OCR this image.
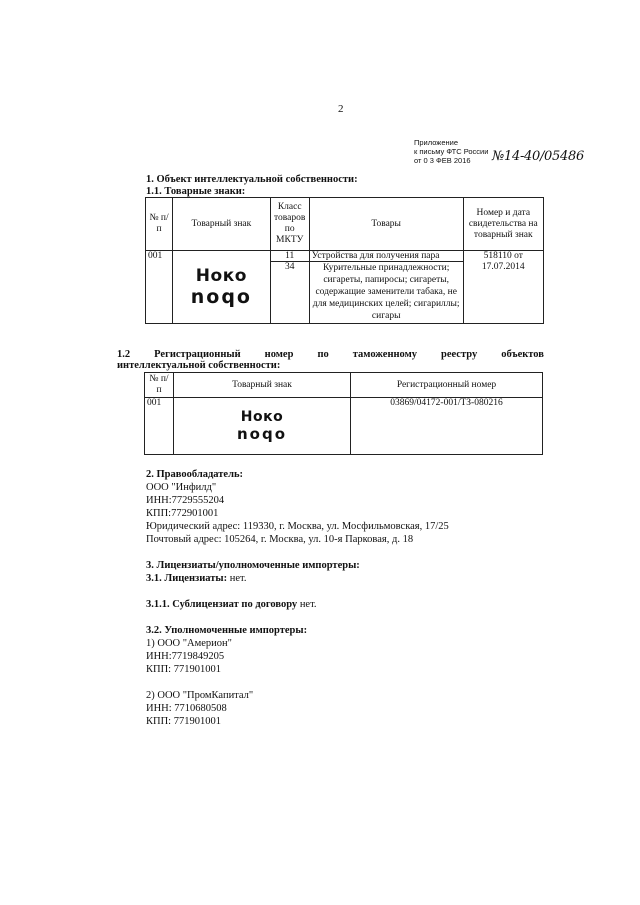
2
Приложение
к письму ФТС России
от 0 3 ФЕВ 2016	№14-40/05486
1. Объект интеллектуальной собственности:
1.1. Товарные знаки:
№ п/п	Товарный знак	Класс товаров по МКТУ	Товары	Номер и дата свидетельства на товарный знак
001	Ноко
noqo	11	Устройства для получения пара	518110 от 17.07.2014
		34	Курительные принадлежности; сигареты, папиросы; сигареты, содержащие заменители табака, не для медицинских целей; сигариллы; сигары	
1.2 Регистрационный номер по таможенному реестру объектов
интеллектуальной собственности:
№ п/п	Товарный знак	Регистрационный номер
001	Ноко
noqo	03869/04172-001/ТЗ-080216
2. Правообладатель:
ООО "Инфилд"
ИНН:7729555204
КПП:772901001
Юридический адрес: 119330, г. Москва, ул. Мосфильмовская, 17/25
Почтовый адрес: 105264, г. Москва, ул. 10-я Парковая, д. 18
3. Лицензиаты/уполномоченные импортеры:
3.1. Лицензиаты: нет.
3.1.1. Сублицензиат по договору нет.
3.2. Уполномоченные импортеры:
1) ООО "Америон"
ИНН:7719849205
КПП: 771901001
2) ООО "ПромКапитал"
ИНН: 7710680508
КПП: 771901001
